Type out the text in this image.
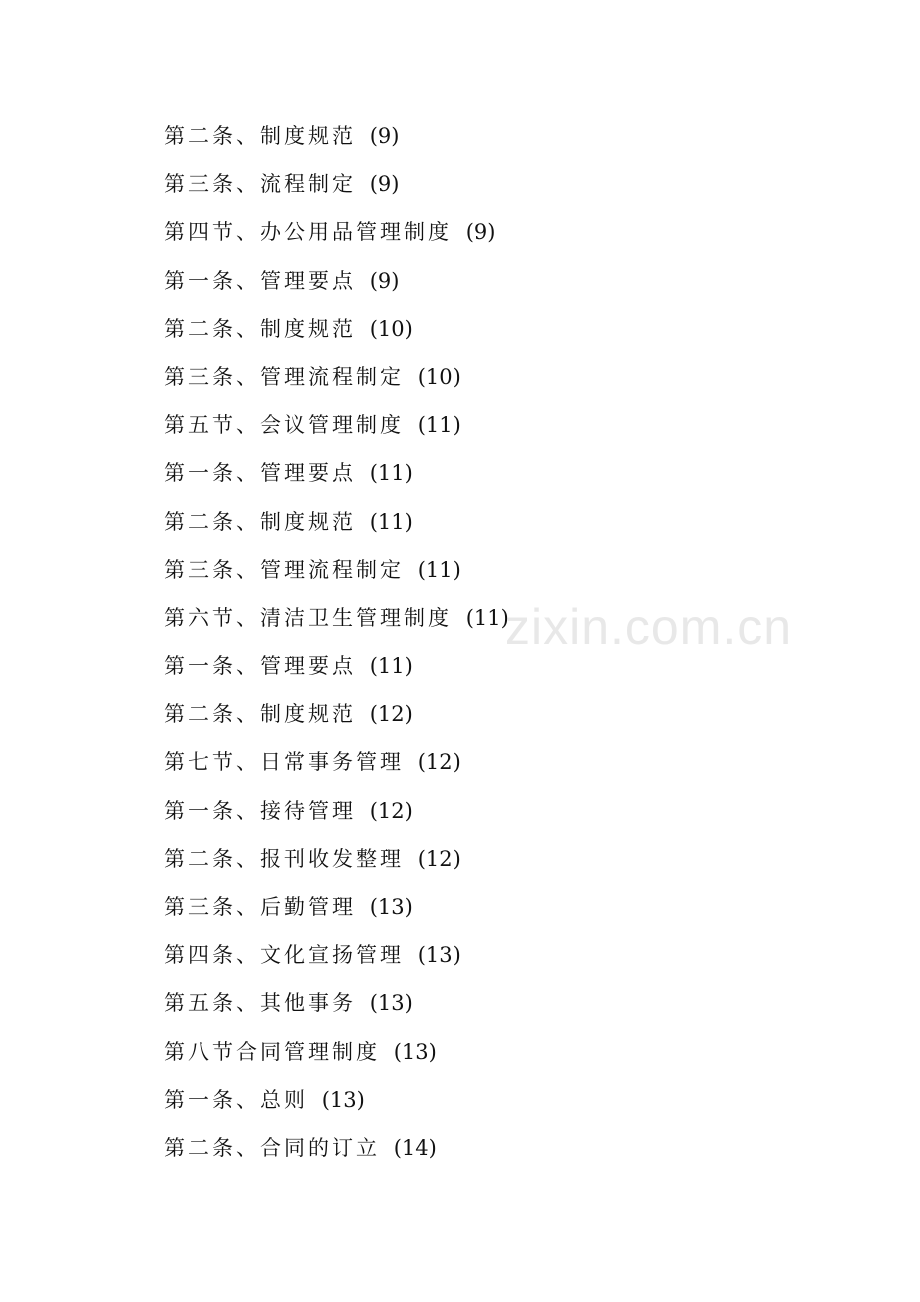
第二条、制度规范 (9)
第三条、流程制定 (9)
第四节、办公用品管理制度 (9)
第一条、管理要点 (9)
第二条、制度规范 (10)
第三条、管理流程制定 (10)
第五节、会议管理制度 (11)
第一条、管理要点 (11)
第二条、制度规范 (11)
第三条、管理流程制定 (11)
第六节、清洁卫生管理制度 (11)
第一条、管理要点 (11)
第二条、制度规范 (12)
第七节、日常事务管理 (12)
第一条、接待管理 (12)
第二条、报刊收发整理 (12)
第三条、后勤管理 (13)
第四条、文化宣扬管理 (13)
第五条、其他事务 (13)
第八节合同管理制度 (13)
第一条、总则 (13)
第二条、合同的订立 (14)
zixin.com.cn
